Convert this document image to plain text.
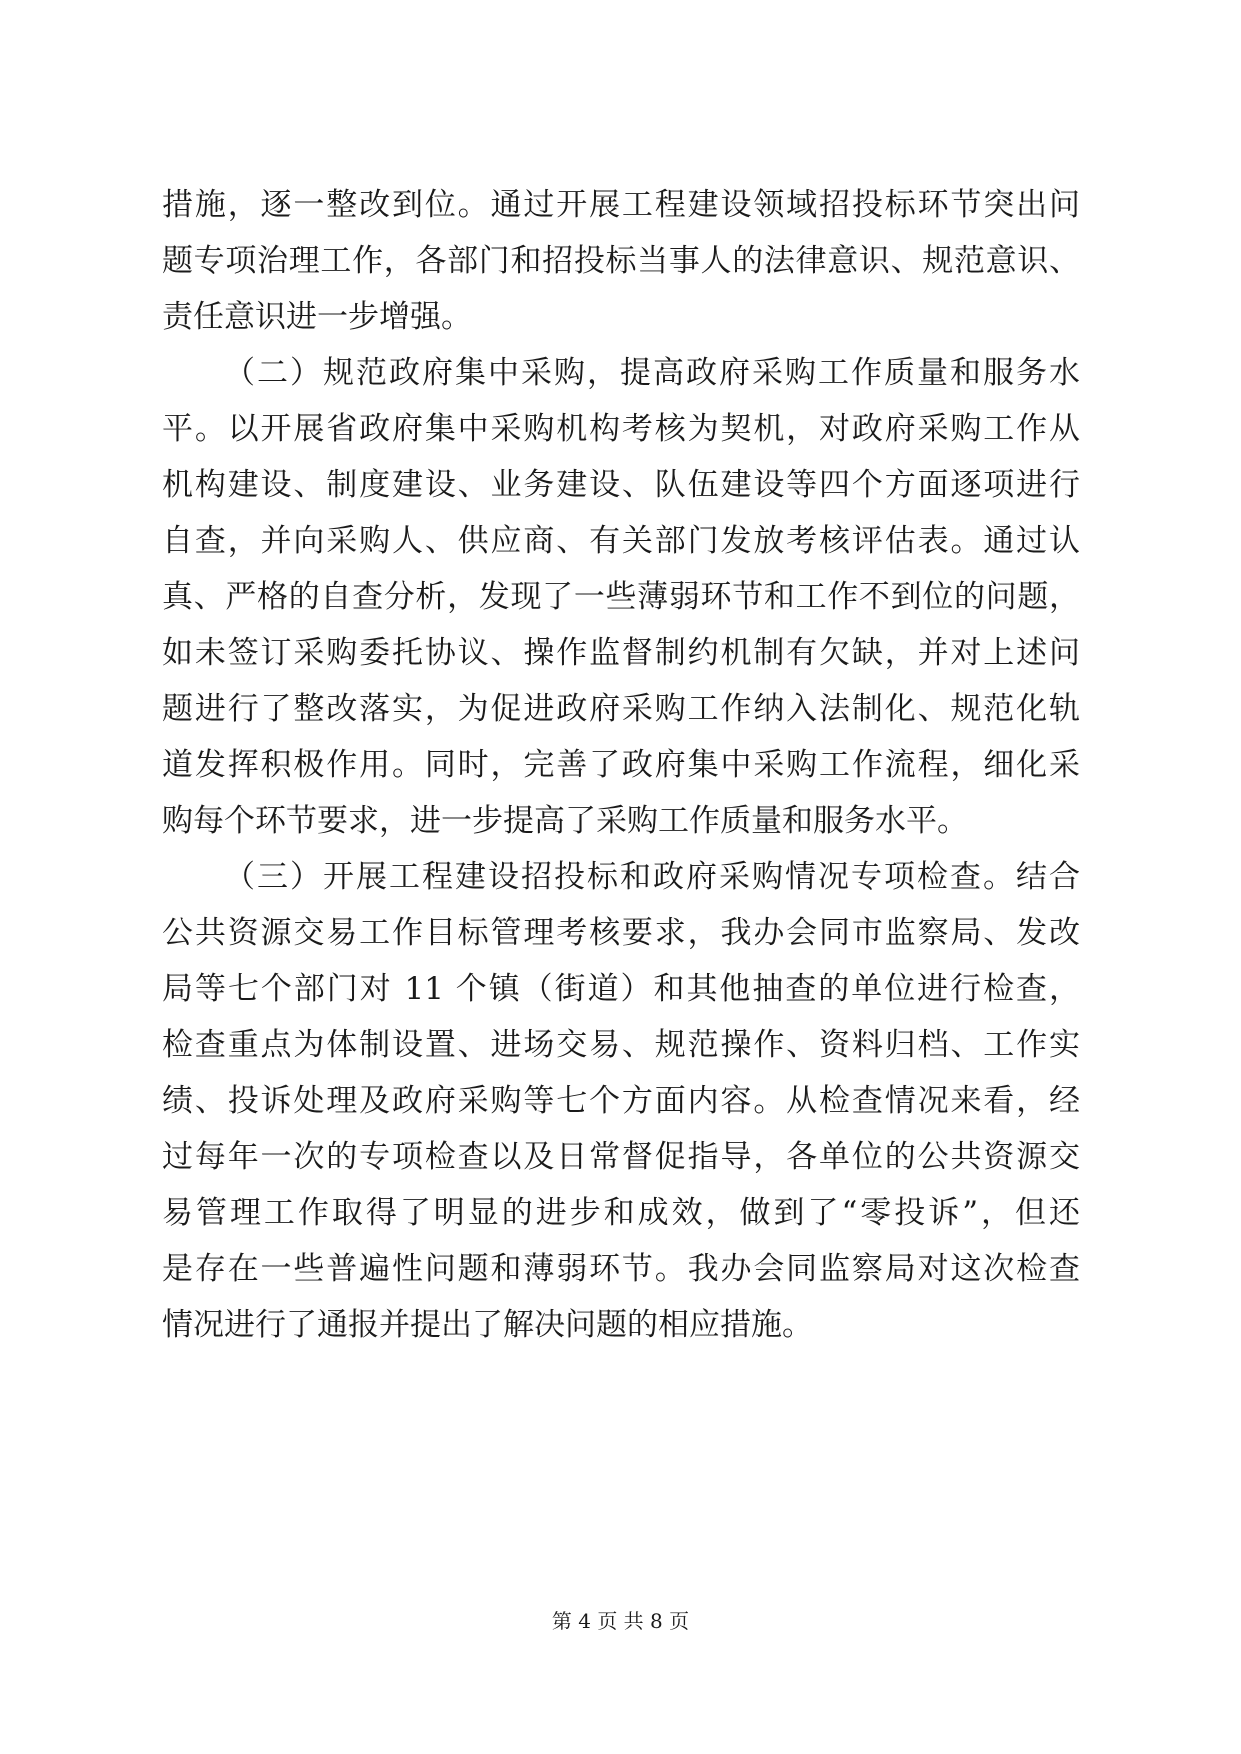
措施，逐一整改到位。通过开展工程建设领域招投标环节突出问
题专项治理工作，各部门和招投标当事人的法律意识、规范意识、
责任意识进一步增强。
（二）规范政府集中采购，提高政府采购工作质量和服务水
平。以开展省政府集中采购机构考核为契机，对政府采购工作从
机构建设、制度建设、业务建设、队伍建设等四个方面逐项进行
自查，并向采购人、供应商、有关部门发放考核评估表。通过认
真、严格的自查分析，发现了一些薄弱环节和工作不到位的问题，
如未签订采购委托协议、操作监督制约机制有欠缺，并对上述问
题进行了整改落实，为促进政府采购工作纳入法制化、规范化轨
道发挥积极作用。同时，完善了政府集中采购工作流程，细化采
购每个环节要求，进一步提高了采购工作质量和服务水平。
（三）开展工程建设招投标和政府采购情况专项检查。结合
公共资源交易工作目标管理考核要求，我办会同市监察局、发改
局等七个部门对 11 个镇（街道）和其他抽查的单位进行检查，
检查重点为体制设置、进场交易、规范操作、资料归档、工作实
绩、投诉处理及政府采购等七个方面内容。从检查情况来看，经
过每年一次的专项检查以及日常督促指导，各单位的公共资源交
易管理工作取得了明显的进步和成效，做到了“零投诉”，但还
是存在一些普遍性问题和薄弱环节。我办会同监察局对这次检查
情况进行了通报并提出了解决问题的相应措施。
第 4 页 共 8 页
